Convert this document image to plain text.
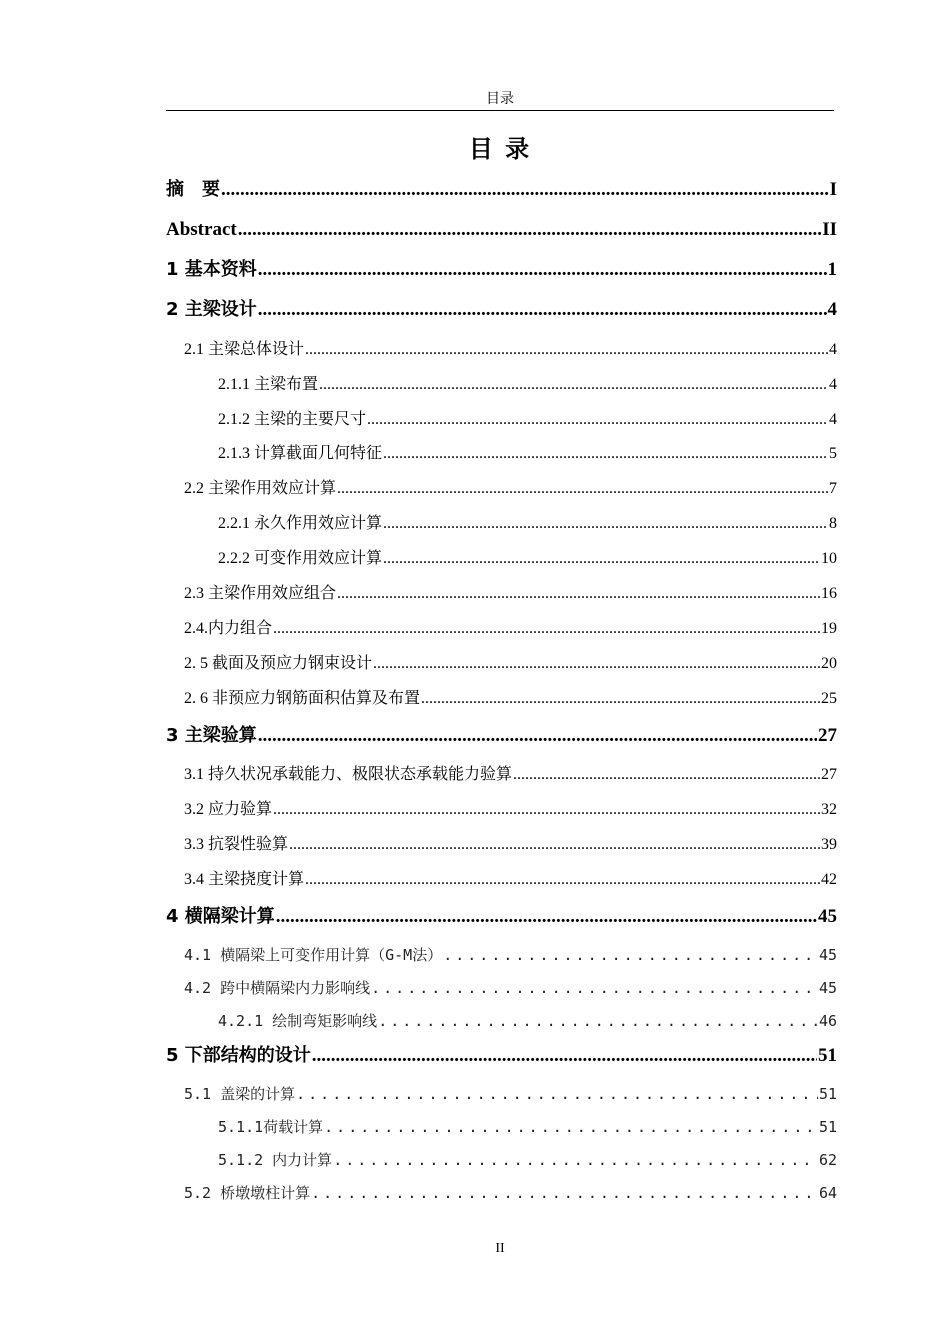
目录
目 录
摘　要 .....	I
Abstract .....	II
1 基本资料 .....	1
2 主梁设计 .....	4
2.1 主梁总体设计 .....	4
2.1.1 主梁布置 .....	4
2.1.2 主梁的主要尺寸 .....	4
2.1.3 计算截面几何特征 .....	5
2.2 主梁作用效应计算 .....	7
2.2.1 永久作用效应计算 .....	8
2.2.2 可变作用效应计算 .....	10
2.3 主梁作用效应组合 .....	16
2.4.内力组合 .....	19
2. 5 截面及预应力钢束设计 .....	20
2. 6 非预应力钢筋面积估算及布置 .....	25
3 主梁验算 .....	27
3.1 持久状况承载能力、极限状态承载能力验算 .....	27
3.2 应力验算 .....	32
3.3 抗裂性验算 .....	39
3.4 主梁挠度计算 .....	42
4 横隔梁计算 .....	45
4.1 横隔梁上可变作用计算（G-M法） .....	45
4.2 跨中横隔梁内力影响线 .....	45
4.2.1 绘制弯矩影响线 .....	46
5 下部结构的设计 .....	51
5.1 盖梁的计算 .....	51
5.1.1荷载计算 .....	51
5.1.2 内力计算 .....	62
5.2 桥墩墩柱计算 .....	64
II
